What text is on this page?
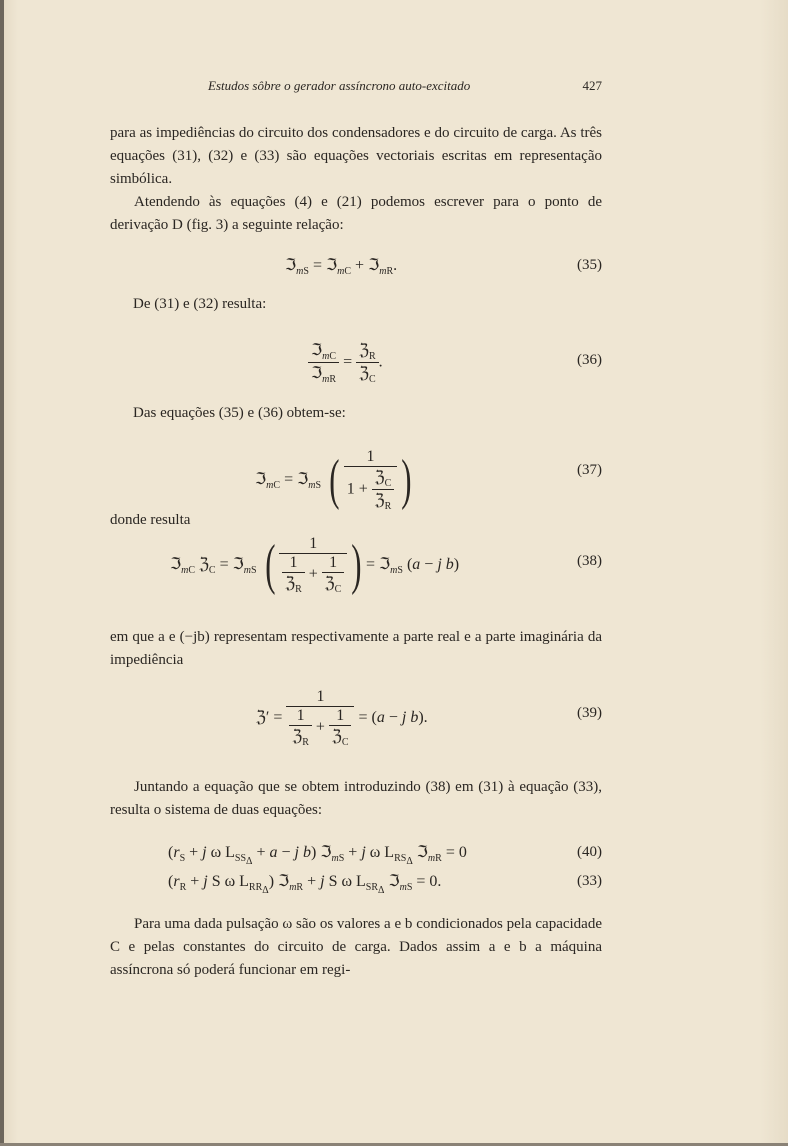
Estudos sôbre o gerador assíncrono auto-excitado	427
para as impediências do circuito dos condensadores e do circuito de carga. As três equações (31), (32) e (33) são equações vectoriais escritas em representação simbólica.
Atendendo às equações (4) e (21) podemos escrever para o ponto de derivação D (fig. 3) a seguinte relação:
ℑ$_{mS}$ = ℑ$_{mC}$ + ℑ$_{mR}$.	(35)
De (31) e (32) resulta:
$\frac{ℑ_{mC}}{ℑ_{mR}} = \frac{ℨ_R}{ℨ_C}$ .	(36)
Das equações (35) e (36) obtem-se:
ℑ$_{mC}$ = ℑ$_{mS}$ ( $\frac{1}{1 + \frac{ℨ_C}{ℨ_R}}$ )	(37)
donde resulta
ℑ$_{mC}$ ℨ$_C$ = ℑ$_{mS}$ ( $\frac{1}{\frac{1}{ℨ_R} + \frac{1}{ℨ_C}}$ ) = ℑ$_{mS}$ (a − j b)	(38)
em que a e (−jb) representam respectivamente a parte real e a parte imaginária da impediência
ℨ′ = $\frac{1}{\frac{1}{ℨ_R} + \frac{1}{ℨ_C}} = (a - j$ b).	(39)
Juntando a equação que se obtem introduzindo (38) em (31) à equação (33), resulta o sistema de duas equações:
($r_S + j$ ω $L_{SS_\Delta} + a - j$ b) ℑ$_{mS}$ + j ω $L_{RS_\Delta}$ ℑ$_{mR}$ = 0	(40)
($r_R + j$ S ω $L_{RR_\Delta}$) ℑ$_{mR}$ + j S ω $L_{SR_\Delta}$ ℑ$_{mS}$ = 0.	(33)
Para uma dada pulsação ω são os valores a e b condicionados pela capacidade C e pelas constantes do circuito de carga. Dados assim a e b a máquina assíncrona só poderá funcionar em regi-
